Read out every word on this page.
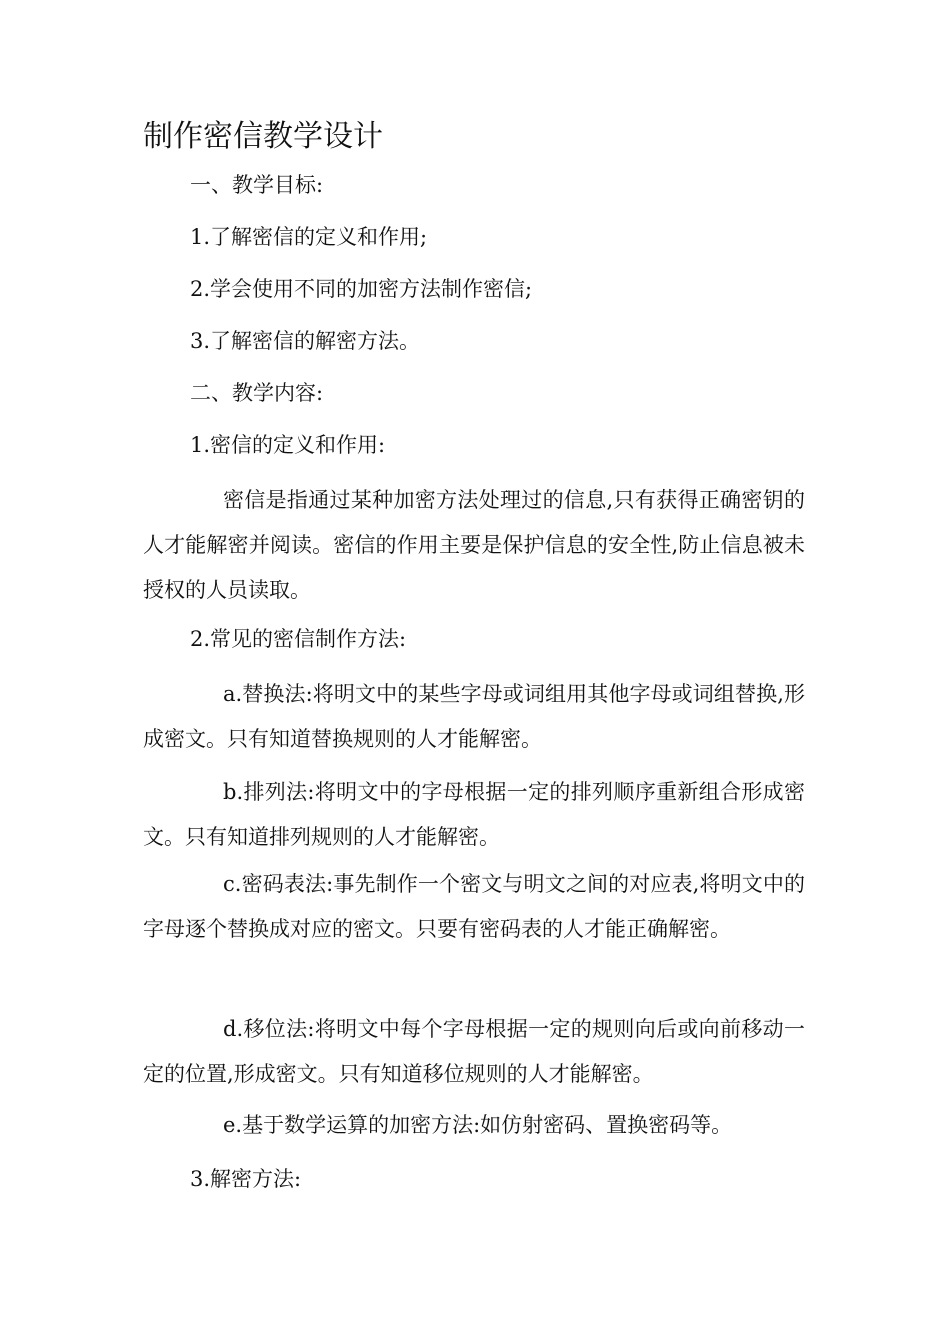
制作密信教学设计

一、教学目标:

1.了解密信的定义和作用;

2.学会使用不同的加密方法制作密信;

3.了解密信的解密方法。

二、教学内容:

1.密信的定义和作用:

密信是指通过某种加密方法处理过的信息,只有获得正确密钥的人才能解密并阅读。密信的作用主要是保护信息的安全性,防止信息被未授权的人员读取。

2.常见的密信制作方法:

a.替换法:将明文中的某些字母或词组用其他字母或词组替换,形成密文。只有知道替换规则的人才能解密。

b.排列法:将明文中的字母根据一定的排列顺序重新组合形成密文。只有知道排列规则的人才能解密。

c.密码表法:事先制作一个密文与明文之间的对应表,将明文中的字母逐个替换成对应的密文。只要有密码表的人才能正确解密。

d.移位法:将明文中每个字母根据一定的规则向后或向前移动一定的位置,形成密文。只有知道移位规则的人才能解密。

e.基于数学运算的加密方法:如仿射密码、置换密码等。

3.解密方法:
